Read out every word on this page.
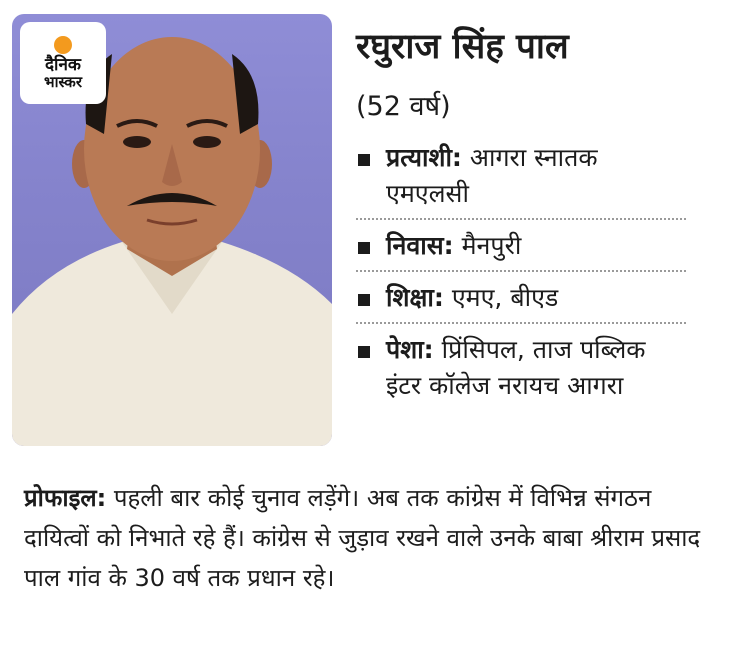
दैनिक
भास्कर
रघुराज सिंह पाल
(52 वर्ष)
प्रत्याशी: आगरा स्नातक एमएलसी
निवास: मैनपुरी
शिक्षा: एमए, बीएड
पेशा: प्रिंसिपल, ताज पब्लिक इंटर कॉलेज नरायच आगरा
प्रोफाइल: पहली बार कोई चुनाव लड़ेंगे। अब तक कांग्रेस में विभिन्न संगठन दायित्वों को निभाते रहे हैं। कांग्रेस से जुड़ाव रखने वाले उनके बाबा श्रीराम प्रसाद पाल गांव के 30 वर्ष तक प्रधान रहे।
